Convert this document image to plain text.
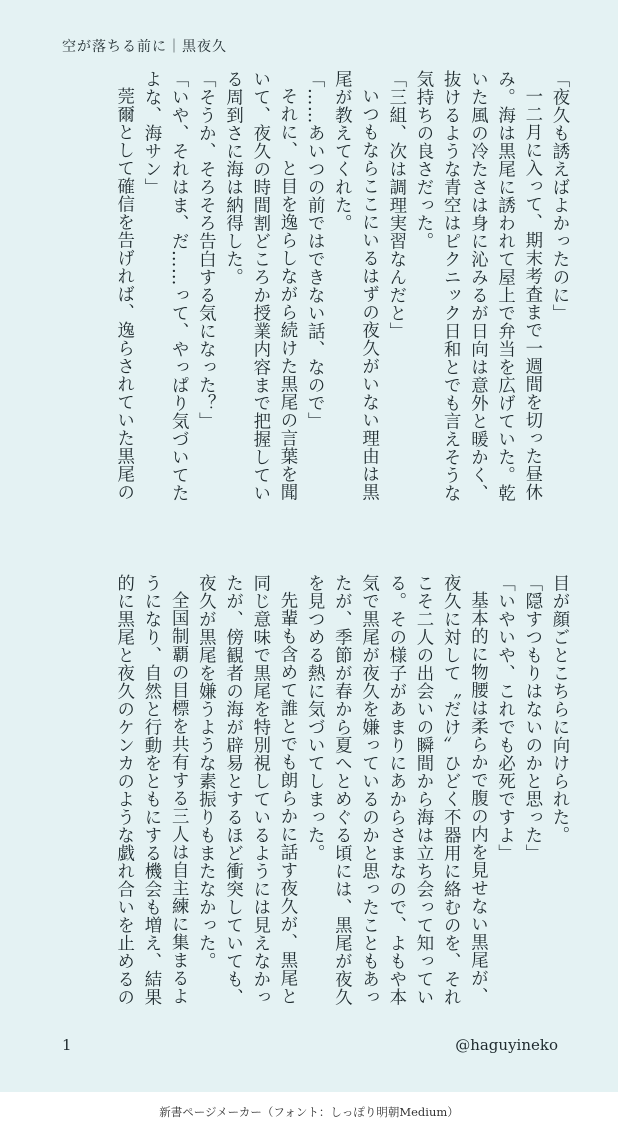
空が落ちる前に｜黒夜久

「夜久も誘えばよかったのに」

一二月に入って、期末考査まで一週間を切った昼休み。海は黒尾に誘われて屋上で弁当を広げていた。乾いた風の冷たさは身に沁みるが日向は意外と暖かく、抜けるような青空はピクニック日和とでも言えそうな気持ちの良さだった。

「三組、次は調理実習なんだと」

いつもならここにいるはずの夜久がいない理由は黒尾が教えてくれた。

「……あいつの前ではできない話、なので」

それに、と目を逸らしながら続けた黒尾の言葉を聞いて、夜久の時間割どころか授業内容まで把握している周到さに海は納得した。

「そうか、そろそろ告白する気になった？」

「いや、それはま、だ……って、やっぱり気づいてたよな、海サン」

莞爾として確信を告げれば、逸らされていた黒尾の

目が顔ごとこちらに向けられた。

「隠すつもりはないのかと思った」

「いやいや、これでも必死ですよ」

基本的に物腰は柔らかで腹の内を見せない黒尾が、夜久に対して〝だけ〟ひどく不器用に絡むのを、それこそ二人の出会いの瞬間から海は立ち会って知っている。その様子があまりにあからさまなので、よもや本気で黒尾が夜久を嫌っているのかと思ったこともあったが、季節が春から夏へとめぐる頃には、黒尾が夜久を見つめる熱に気づいてしまった。

先輩も含めて誰とでも朗らかに話す夜久が、黒尾と同じ意味で黒尾を特別視しているようには見えなかったが、傍観者の海が辟易とするほど衝突していても、夜久が黒尾を嫌うような素振りもまたなかった。

全国制覇の目標を共有する三人は自主練に集まるようになり、自然と行動をともにする機会も増え、結果的に黒尾と夜久のケンカのような戯れ合いを止めるの

1	@haguyineko
新書ページメーカー（フォント：しっぽり明朝Medium）
